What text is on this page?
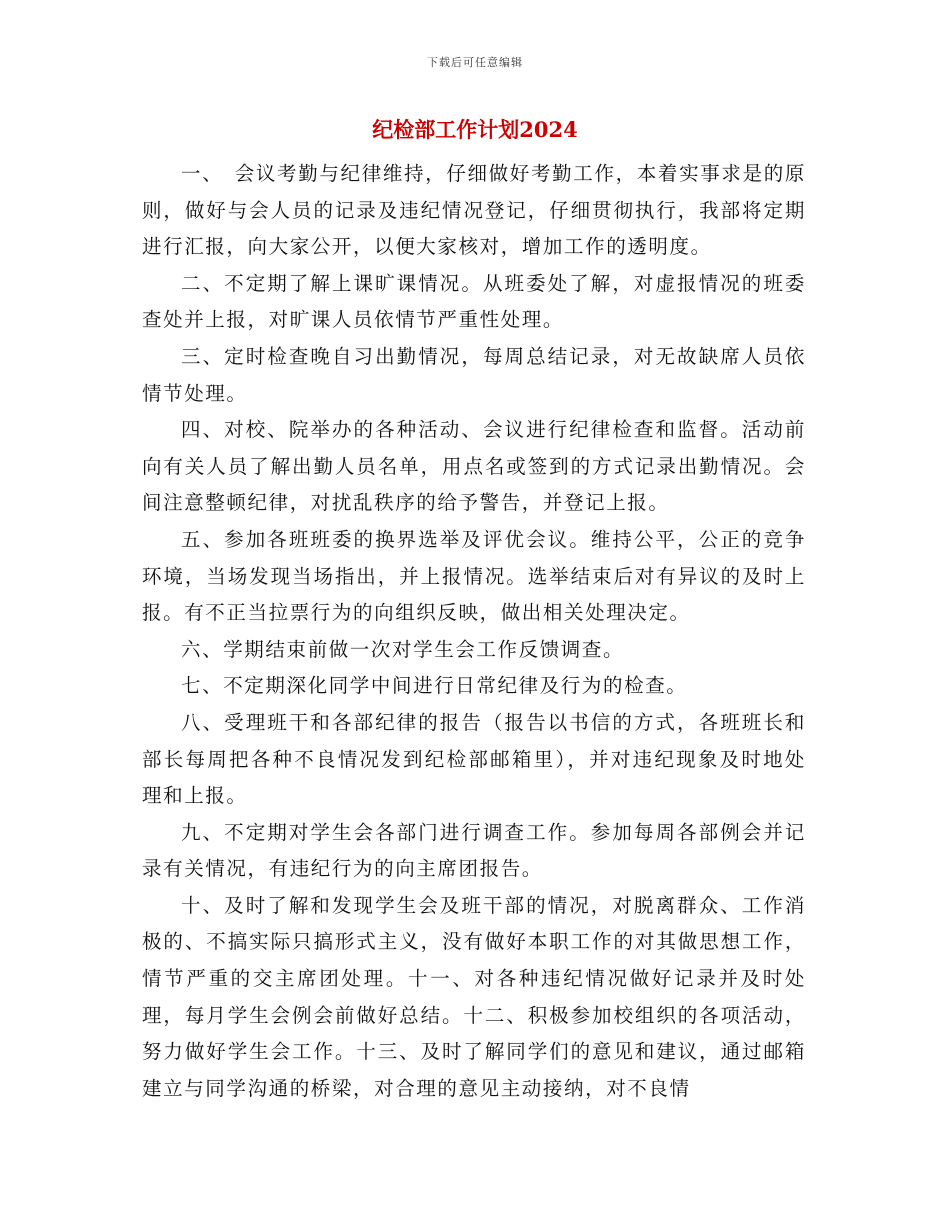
下载后可任意编辑
纪检部工作计划2024

一、　会议考勤与纪律维持，仔细做好考勤工作，本着实事求是的原则，做好与会人员的记录及违纪情况登记，仔细贯彻执行，我部将定期进行汇报，向大家公开，以便大家核对，增加工作的透明度。

二、不定期了解上课旷课情况。从班委处了解，对虚报情况的班委查处并上报，对旷课人员依情节严重性处理。

三、定时检查晚自习出勤情况，每周总结记录，对无故缺席人员依情节处理。

四、对校、院举办的各种活动、会议进行纪律检查和监督。活动前向有关人员了解出勤人员名单，用点名或签到的方式记录出勤情况。会间注意整顿纪律，对扰乱秩序的给予警告，并登记上报。

五、参加各班班委的换界选举及评优会议。维持公平，公正的竞争环境，当场发现当场指出，并上报情况。选举结束后对有异议的及时上报。有不正当拉票行为的向组织反映，做出相关处理决定。

六、学期结束前做一次对学生会工作反馈调查。

七、不定期深化同学中间进行日常纪律及行为的检查。

八、受理班干和各部纪律的报告（报告以书信的方式，各班班长和部长每周把各种不良情况发到纪检部邮箱里），并对违纪现象及时地处理和上报。

九、不定期对学生会各部门进行调查工作。参加每周各部例会并记录有关情况，有违纪行为的向主席团报告。

十、及时了解和发现学生会及班干部的情况，对脱离群众、工作消极的、不搞实际只搞形式主义，没有做好本职工作的对其做思想工作，情节严重的交主席团处理。十一、对各种违纪情况做好记录并及时处理，每月学生会例会前做好总结。十二、积极参加校组织的各项活动，努力做好学生会工作。十三、及时了解同学们的意见和建议，通过邮箱建立与同学沟通的桥梁，对合理的意见主动接纳，对不良情
